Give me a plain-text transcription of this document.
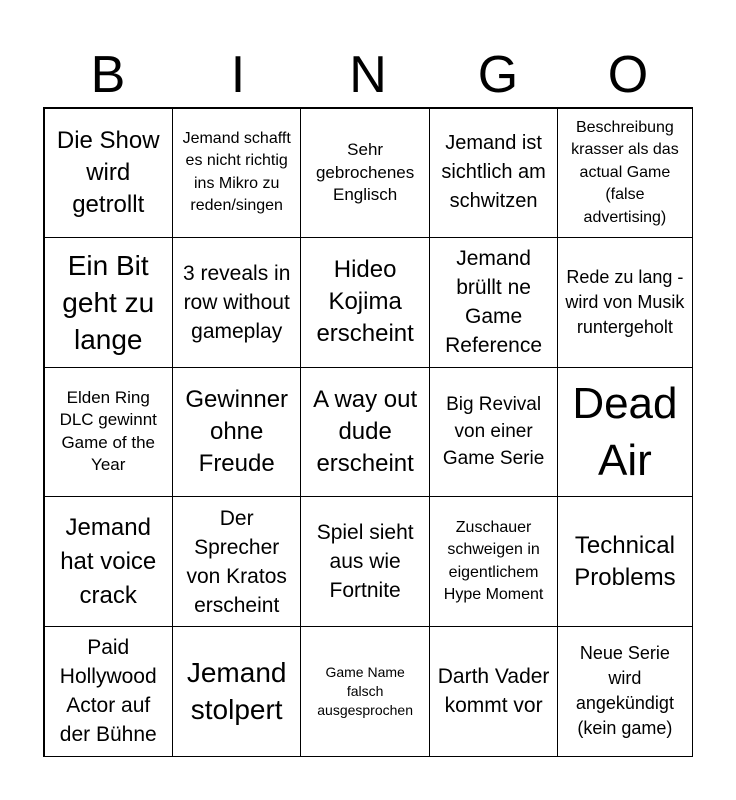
B	I	N	G	O
Die Show wird getrollt
Jemand schafft es nicht richtig ins Mikro zu reden/singen
Sehr gebrochenes Englisch
Jemand ist sichtlich am schwitzen
Beschreibung krasser als das actual Game (false advertising)
Ein Bit geht zu lange
3 reveals in row without gameplay
Hideo Kojima erscheint
Jemand brüllt ne Game Reference
Rede zu lang - wird von Musik runtergeholt
Elden Ring DLC gewinnt Game of the Year
Gewinner ohne Freude
A way out dude erscheint
Big Revival von einer Game Serie
Dead Air
Jemand hat voice crack
Der Sprecher von Kratos erscheint
Spiel sieht aus wie Fortnite
Zuschauer schweigen in eigentlichem Hype Moment
Technical Problems
Paid Hollywood Actor auf der Bühne
Jemand stolpert
Game Name falsch ausgesprochen
Darth Vader kommt vor
Neue Serie wird angekündigt (kein game)
